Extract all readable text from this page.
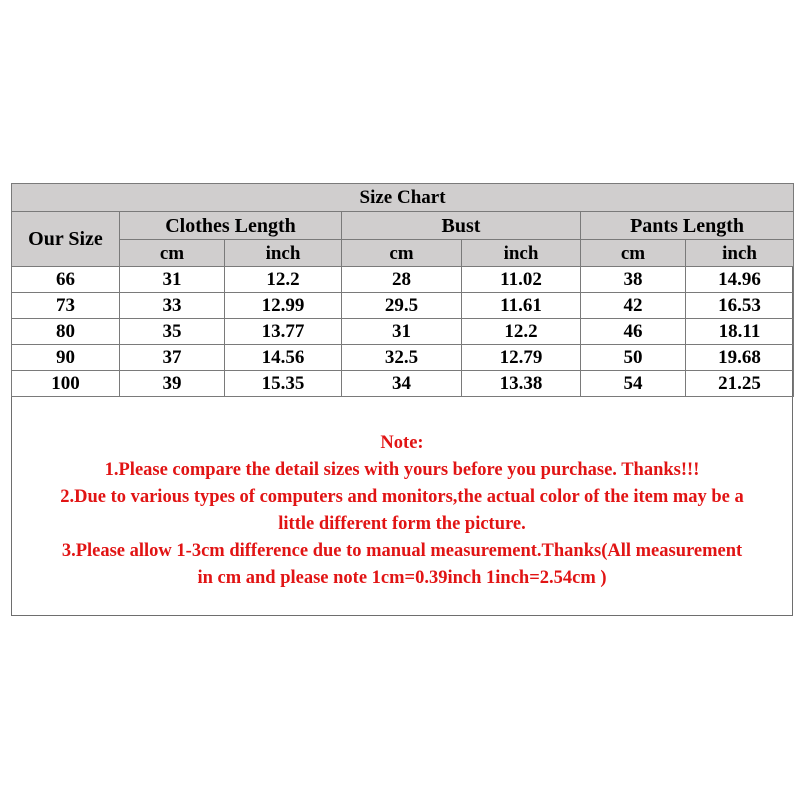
Size Chart						
Our Size	Clothes Length		Bust		Pants Length	
	cm	inch	cm	inch	cm	inch
66	31	12.2	28	11.02	38	14.96
73	33	12.99	29.5	11.61	42	16.53
80	35	13.77	31	12.2	46	18.11
90	37	14.56	32.5	12.79	50	19.68
100	39	15.35	34	13.38	54	21.25
Note:
1.Please compare the detail sizes with yours before you purchase. Thanks!!!
2.Due to various types of computers and monitors,the actual color of the item may be a
little different form the picture.
3.Please allow 1-3cm difference due to manual measurement.Thanks(All measurement
in cm and please note 1cm=0.39inch 1inch=2.54cm )
